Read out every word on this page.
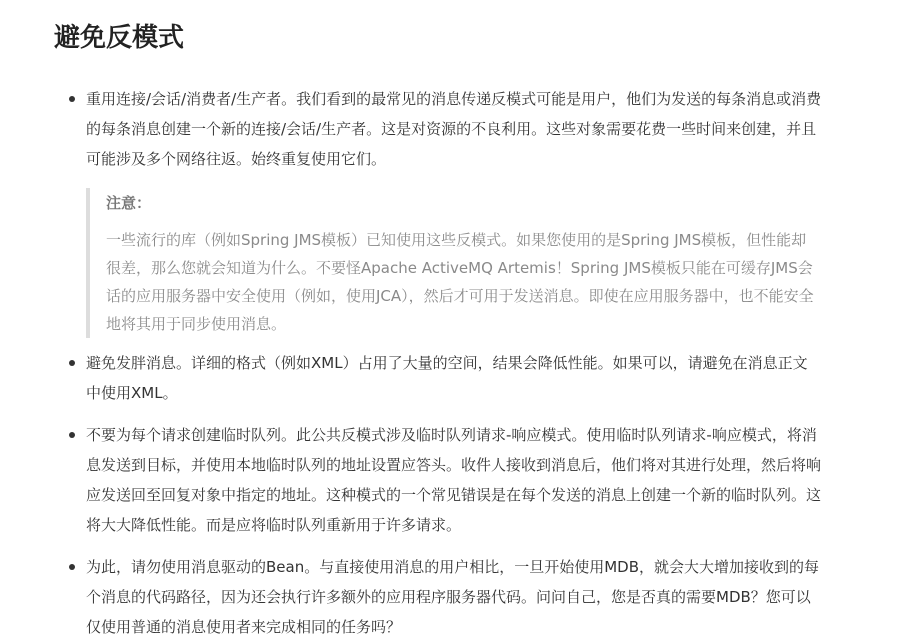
避免反模式
重用连接/会话/消费者/生产者。我们看到的最常见的消息传递反模式可能是用户，他们为发送的每条消息或消费的每条消息创建一个新的连接/会话/生产者。这是对资源的不良利用。这些对象需要花费一些时间来创建，并且可能涉及多个网络往返。始终重复使用它们。
注意：
一些流行的库（例如Spring JMS模板）已知使用这些反模式。如果您使用的是Spring JMS模板，但性能却很差，那么您就会知道为什么。不要怪Apache ActiveMQ Artemis！Spring JMS模板只能在可缓存JMS会话的应用服务器中安全使用（例如，使用JCA），然后才可用于发送消息。即使在应用服务器中，也不能安全地将其用于同步使用消息。
避免发胖消息。详细的格式（例如XML）占用了大量的空间，结果会降低性能。如果可以，请避免在消息正文中使用XML。
不要为每个请求创建临时队列。此公共反模式涉及临时队列请求-响应模式。使用临时队列请求-响应模式，将消息发送到目标，并使用本地临时队列的地址设置应答头。收件人接收到消息后，他们将对其进行处理，然后将响应发送回至回复对象中指定的地址。这种模式的一个常见错误是在每个发送的消息上创建一个新的临时队列。这将大大降低性能。而是应将临时队列重新用于许多请求。
为此，请勿使用消息驱动的Bean。与直接使用消息的用户相比，一旦开始使用MDB，就会大大增加接收到的每个消息的代码路径，因为还会执行许多额外的应用程序服务器代码。问问自己，您是否真的需要MDB？您可以仅使用普通的消息使用者来完成相同的任务吗？
